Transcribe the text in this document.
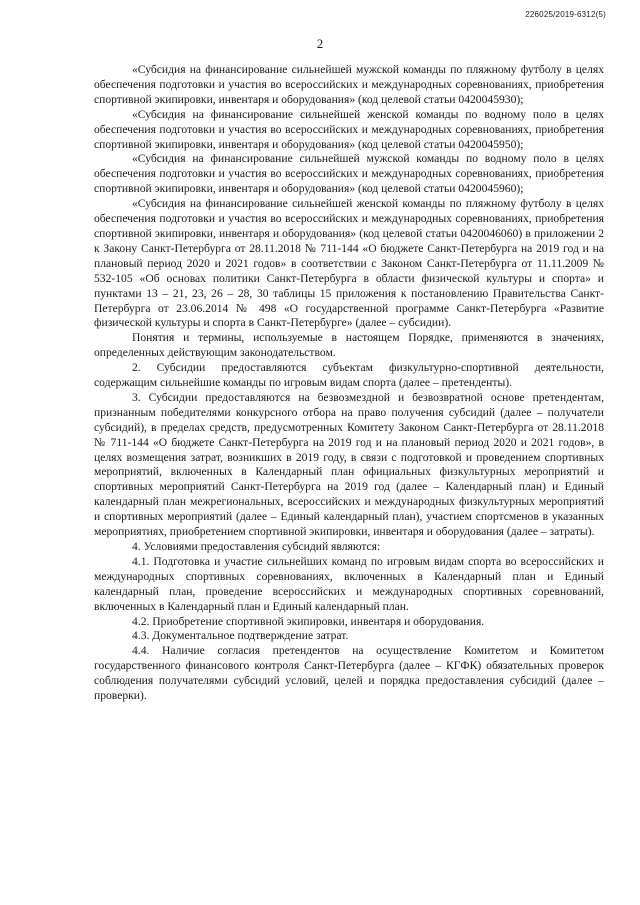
226025/2019-6312(5)
2

«Субсидия на финансирование сильнейшей мужской команды по пляжному футболу в целях обеспечения подготовки и участия во всероссийских и международных соревнованиях, приобретения спортивной экипировки, инвентаря и оборудования» (код целевой статьи 0420045930);

«Субсидия на финансирование сильнейшей женской команды по водному поло в целях обеспечения подготовки и участия во всероссийских и международных соревнованиях, приобретения спортивной экипировки, инвентаря и оборудования» (код целевой статьи 0420045950);

«Субсидия на финансирование сильнейшей мужской команды по водному поло в целях обеспечения подготовки и участия во всероссийских и международных соревнованиях, приобретения спортивной экипировки, инвентаря и оборудования» (код целевой статьи 0420045960);

«Субсидия на финансирование сильнейшей женской команды по пляжному футболу в целях обеспечения подготовки и участия во всероссийских и международных соревнованиях, приобретения спортивной экипировки, инвентаря и оборудования» (код целевой статьи 0420046060) в приложении 2 к Закону Санкт-Петербурга от 28.11.2018 № 711-144 «О бюджете Санкт-Петербурга на 2019 год и на плановый период 2020 и 2021 годов» в соответствии с Законом Санкт-Петербурга от 11.11.2009 № 532-105 «Об основах политики Санкт-Петербурга в области физической культуры и спорта» и пунктами 13 – 21, 23, 26 – 28, 30 таблицы 15 приложения к постановлению Правительства Санкт-Петербурга от 23.06.2014 № 498 «О государственной программе Санкт-Петербурга «Развитие физической культуры и спорта в Санкт-Петербурге» (далее – субсидии).

Понятия и термины, используемые в настоящем Порядке, применяются в значениях, определенных действующим законодательством.

2. Субсидии предоставляются субъектам физкультурно-спортивной деятельности, содержащим сильнейшие команды по игровым видам спорта (далее – претенденты).

3. Субсидии предоставляются на безвозмездной и безвозвратной основе претендентам, признанным победителями конкурсного отбора на право получения субсидий (далее – получатели субсидий), в пределах средств, предусмотренных Комитету Законом Санкт-Петербурга от 28.11.2018 № 711-144 «О бюджете Санкт-Петербурга на 2019 год и на плановый период 2020 и 2021 годов», в целях возмещения затрат, возникших в 2019 году, в связи с подготовкой и проведением спортивных мероприятий, включенных в Календарный план официальных физкультурных мероприятий и спортивных мероприятий Санкт-Петербурга на 2019 год (далее – Календарный план) и Единый календарный план межрегиональных, всероссийских и международных физкультурных мероприятий и спортивных мероприятий (далее – Единый календарный план), участием спортсменов в указанных мероприятиях, приобретением спортивной экипировки, инвентаря и оборудования (далее – затраты).

4. Условиями предоставления субсидий являются:

4.1. Подготовка и участие сильнейших команд по игровым видам спорта во всероссийских и международных спортивных соревнованиях, включенных в Календарный план и Единый календарный план, проведение всероссийских и международных спортивных соревнований, включенных в Календарный план и Единый календарный план.

4.2. Приобретение спортивной экипировки, инвентаря и оборудования.

4.3. Документальное подтверждение затрат.

4.4. Наличие согласия претендентов на осуществление Комитетом и Комитетом государственного финансового контроля Санкт-Петербурга (далее – КГФК) обязательных проверок соблюдения получателями субсидий условий, целей и порядка предоставления субсидий (далее – проверки).
